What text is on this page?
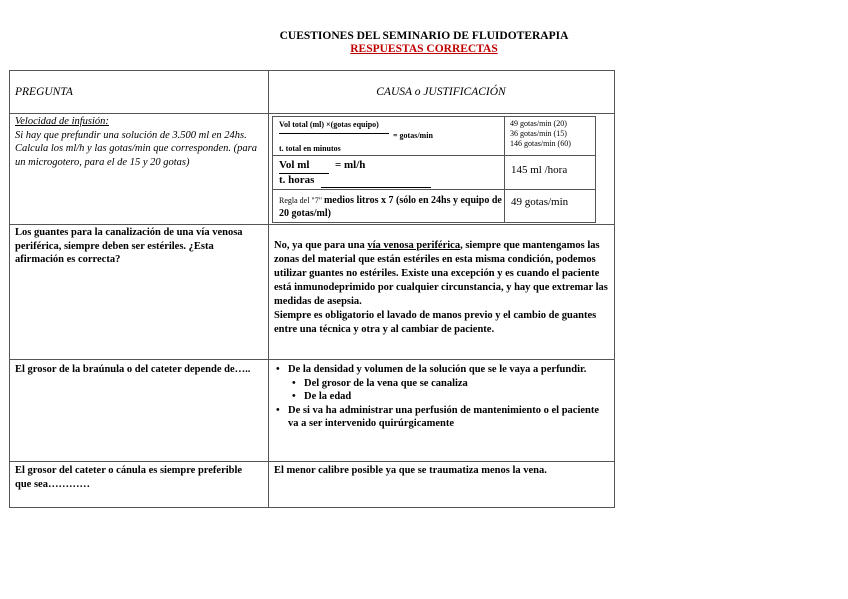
CUESTIONES DEL SEMINARIO DE FLUIDOTERAPIA
RESPUESTAS CORRECTAS
PREGUNTA	CAUSA o JUSTIFICACIÓN
Velocidad de infusión:
Si hay que prefundir una solución de 3.500 ml en 24hs. Calcula los ml/h y las gotas/min que corresponden. (para un microgotero, para el de 15 y 20 gotas)
Vol total (ml) ×(gotas equipo)
= gotas/min
t. total en minutos
49 gotas/min (20)
36 gotas/min (15)
146 gotas/min (60)
Vol ml = ml/h
t. horas
145 ml /hora
Regla del "7" medios litros x 7 (sólo en 24hs y equipo de 20 gotas/ml)
49 gotas/min
Los guantes para la canalización de una vía venosa periférica, siempre deben ser estériles. ¿Esta afirmación es correcta?
No, ya que para una vía venosa periférica, siempre que mantengamos las zonas del material que están estériles en esta misma condición, podemos utilizar guantes no estériles. Existe una excepción y es cuando el paciente está inmunodeprimido por cualquier circunstancia, y hay que extremar las medidas de asepsia.
Siempre es obligatorio el lavado de manos previo y el cambio de guantes entre una técnica y otra y al cambiar de paciente.
El grosor de la braúnula o del cateter depende de…..	• De la densidad y volumen de la solución que se le vaya a perfundir.
• Del grosor de la vena que se canaliza
• De la edad
• De si va ha administrar una perfusión de mantenimiento o el paciente va a ser intervenido quirúrgicamente
El grosor del cateter o cánula es siempre preferible que sea…………
El menor calibre posible ya que se traumatiza menos la vena.
